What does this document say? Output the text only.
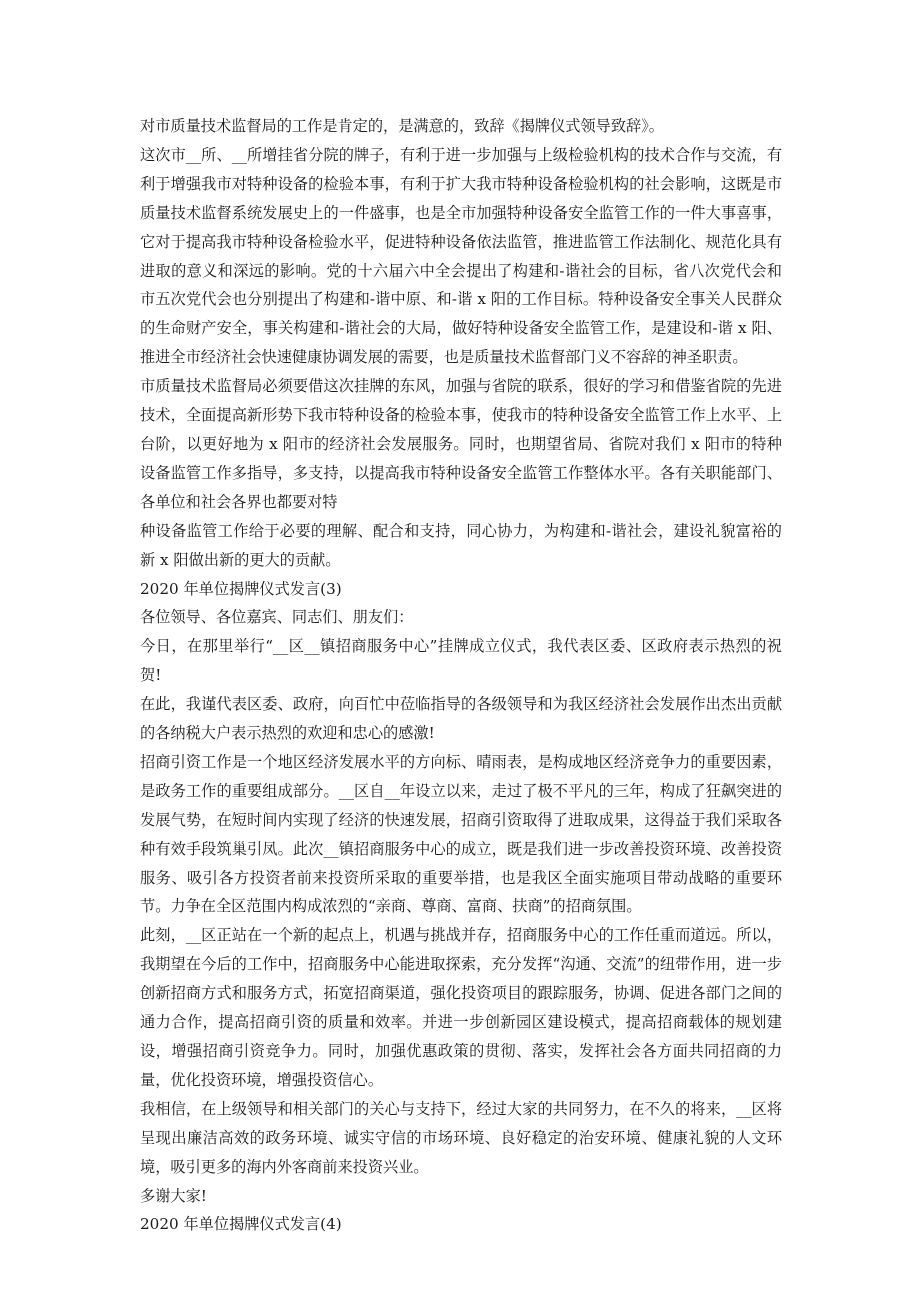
对市质量技术监督局的工作是肯定的，是满意的，致辞《揭牌仪式领导致辞》。

这次市__所、__所增挂省分院的牌子，有利于进一步加强与上级检验机构的技术合作与交流，有利于增强我市对特种设备的检验本事，有利于扩大我市特种设备检验机构的社会影响，这既是市质量技术监督系统发展史上的一件盛事，也是全市加强特种设备安全监管工作的一件大事喜事，它对于提高我市特种设备检验水平，促进特种设备依法监管，推进监管工作法制化、规范化具有进取的意义和深远的影响。党的十六届六中全会提出了构建和-谐社会的目标，省八次党代会和市五次党代会也分别提出了构建和-谐中原、和-谐 x 阳的工作目标。特种设备安全事关人民群众的生命财产安全，事关构建和-谐社会的大局，做好特种设备安全监管工作，是建设和-谐 x 阳、推进全市经济社会快速健康协调发展的需要，也是质量技术监督部门义不容辞的神圣职责。

市质量技术监督局必须要借这次挂牌的东风，加强与省院的联系，很好的学习和借鉴省院的先进技术，全面提高新形势下我市特种设备的检验本事，使我市的特种设备安全监管工作上水平、上台阶，以更好地为 x 阳市的经济社会发展服务。同时，也期望省局、省院对我们 x 阳市的特种设备监管工作多指导，多支持，以提高我市特种设备安全监管工作整体水平。各有关职能部门、各单位和社会各界也都要对特

种设备监管工作给于必要的理解、配合和支持，同心协力，为构建和-谐社会，建设礼貌富裕的新 x 阳做出新的更大的贡献。

2020 年单位揭牌仪式发言(3)

各位领导、各位嘉宾、同志们、朋友们：

今日，在那里举行“__区__镇招商服务中心”挂牌成立仪式，我代表区委、区政府表示热烈的祝贺!

在此，我谨代表区委、政府，向百忙中莅临指导的各级领导和为我区经济社会发展作出杰出贡献的各纳税大户表示热烈的欢迎和忠心的感激!

招商引资工作是一个地区经济发展水平的方向标、晴雨表，是构成地区经济竞争力的重要因素，是政务工作的重要组成部分。__区自__年设立以来，走过了极不平凡的三年，构成了狂飙突进的发展气势，在短时间内实现了经济的快速发展，招商引资取得了进取成果，这得益于我们采取各种有效手段筑巢引凤。此次__镇招商服务中心的成立，既是我们进一步改善投资环境、改善投资服务、吸引各方投资者前来投资所采取的重要举措，也是我区全面实施项目带动战略的重要环节。力争在全区范围内构成浓烈的“亲商、尊商、富商、扶商”的招商氛围。

此刻，__区正站在一个新的起点上，机遇与挑战并存，招商服务中心的工作任重而道远。所以，我期望在今后的工作中，招商服务中心能进取探索，充分发挥“沟通、交流”的纽带作用，进一步创新招商方式和服务方式，拓宽招商渠道，强化投资项目的跟踪服务，协调、促进各部门之间的通力合作，提高招商引资的质量和效率。并进一步创新园区建设模式，提高招商载体的规划建设，增强招商引资竞争力。同时，加强优惠政策的贯彻、落实，发挥社会各方面共同招商的力量，优化投资环境，增强投资信心。

我相信，在上级领导和相关部门的关心与支持下，经过大家的共同努力，在不久的将来，__区将呈现出廉洁高效的政务环境、诚实守信的市场环境、良好稳定的治安环境、健康礼貌的人文环境，吸引更多的海内外客商前来投资兴业。

多谢大家!

2020 年单位揭牌仪式发言(4)
